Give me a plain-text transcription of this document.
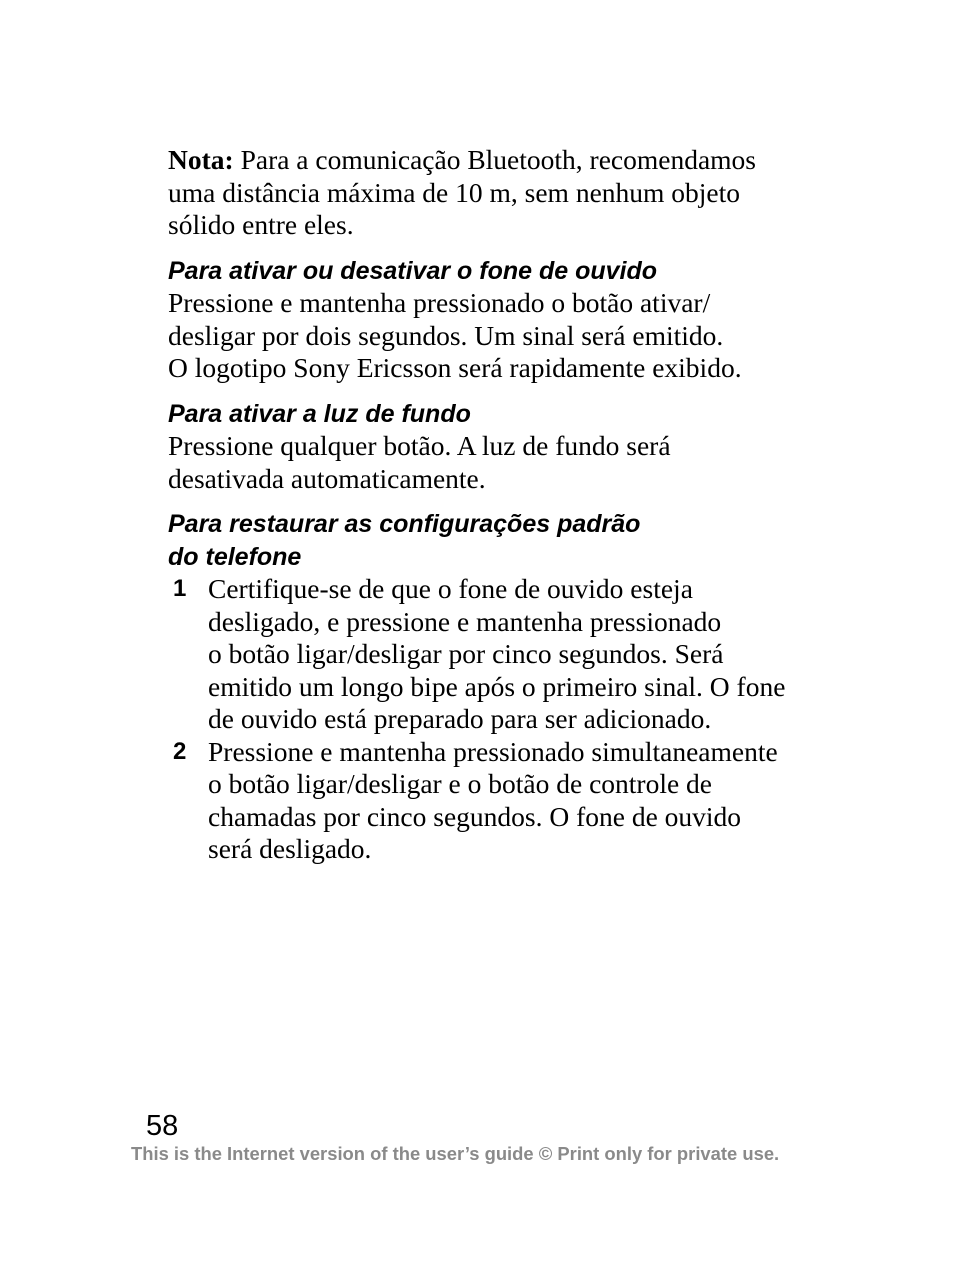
Nota: Para a comunicação Bluetooth, recomendamos
uma distância máxima de 10 m, sem nenhum objeto
sólido entre eles.

Para ativar ou desativar o fone de ouvido

Pressione e mantenha pressionado o botão ativar/
desligar por dois segundos. Um sinal será emitido.
O logotipo Sony Ericsson será rapidamente exibido.

Para ativar a luz de fundo

Pressione qualquer botão. A luz de fundo será
desativada automaticamente.

Para restaurar as configurações padrão
do telefone
1 Certifique-se de que o fone de ouvido esteja
desligado, e pressione e mantenha pressionado
o botão ligar/desligar por cinco segundos. Será
emitido um longo bipe após o primeiro sinal. O fone
de ouvido está preparado para ser adicionado.
2 Pressione e mantenha pressionado simultaneamente
o botão ligar/desligar e o botão de controle de
chamadas por cinco segundos. O fone de ouvido
será desligado.
58
This is the Internet version of the user’s guide © Print only for private use.
